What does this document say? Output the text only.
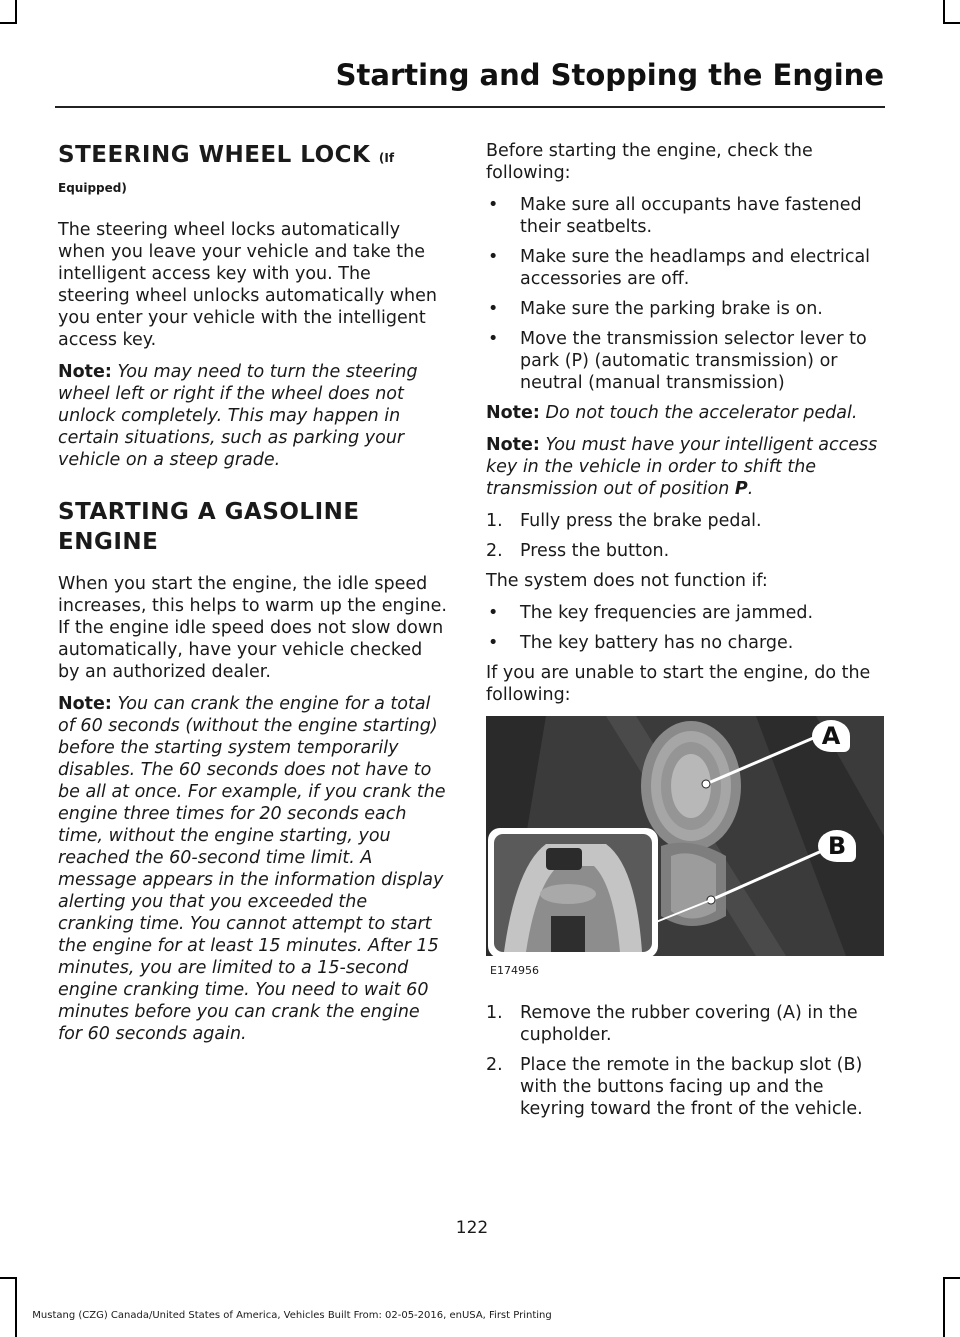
Starting and Stopping the Engine
STEERING WHEEL LOCK (If
Equipped)

The steering wheel locks automatically when you leave your vehicle and take the intelligent access key with you. The steering wheel unlocks automatically when you enter your vehicle with the intelligent access key.

Note: You may need to turn the steering wheel left or right if the wheel does not unlock completely. This may happen in certain situations, such as parking your vehicle on a steep grade.

STARTING A GASOLINE
ENGINE

When you start the engine, the idle speed increases, this helps to warm up the engine. If the engine idle speed does not slow down automatically, have your vehicle checked by an authorized dealer.

Note: You can crank the engine for a total of 60 seconds (without the engine starting) before the starting system temporarily disables. The 60 seconds does not have to be all at once. For example, if you crank the engine three times for 20 seconds each time, without the engine starting, you reached the 60-second time limit. A message appears in the information display alerting you that you exceeded the cranking time. You cannot attempt to start the engine for at least 15 minutes. After 15 minutes, you are limited to a 15-second engine cranking time. You need to wait 60 minutes before you can crank the engine for 60 seconds again.

Before starting the engine, check the following:

• Make sure all occupants have fastened their seatbelts.
• Make sure the headlamps and electrical accessories are off.
• Make sure the parking brake is on.
• Move the transmission selector lever to park (P) (automatic transmission) or neutral (manual transmission)

Note: Do not touch the accelerator pedal.

Note: You must have your intelligent access key in the vehicle in order to shift the transmission out of position P.

1. Fully press the brake pedal.
2. Press the button.

The system does not function if:

• The key frequencies are jammed.
• The key battery has no charge.

If you are unable to start the engine, do the following:

A
B
E174956
1. Remove the rubber covering (A) in the cupholder.
2. Place the remote in the backup slot (B) with the buttons facing up and the keyring toward the front of the vehicle.
122
Mustang (CZG) Canada/United States of America, Vehicles Built From: 02-05-2016, enUSA, First Printing
